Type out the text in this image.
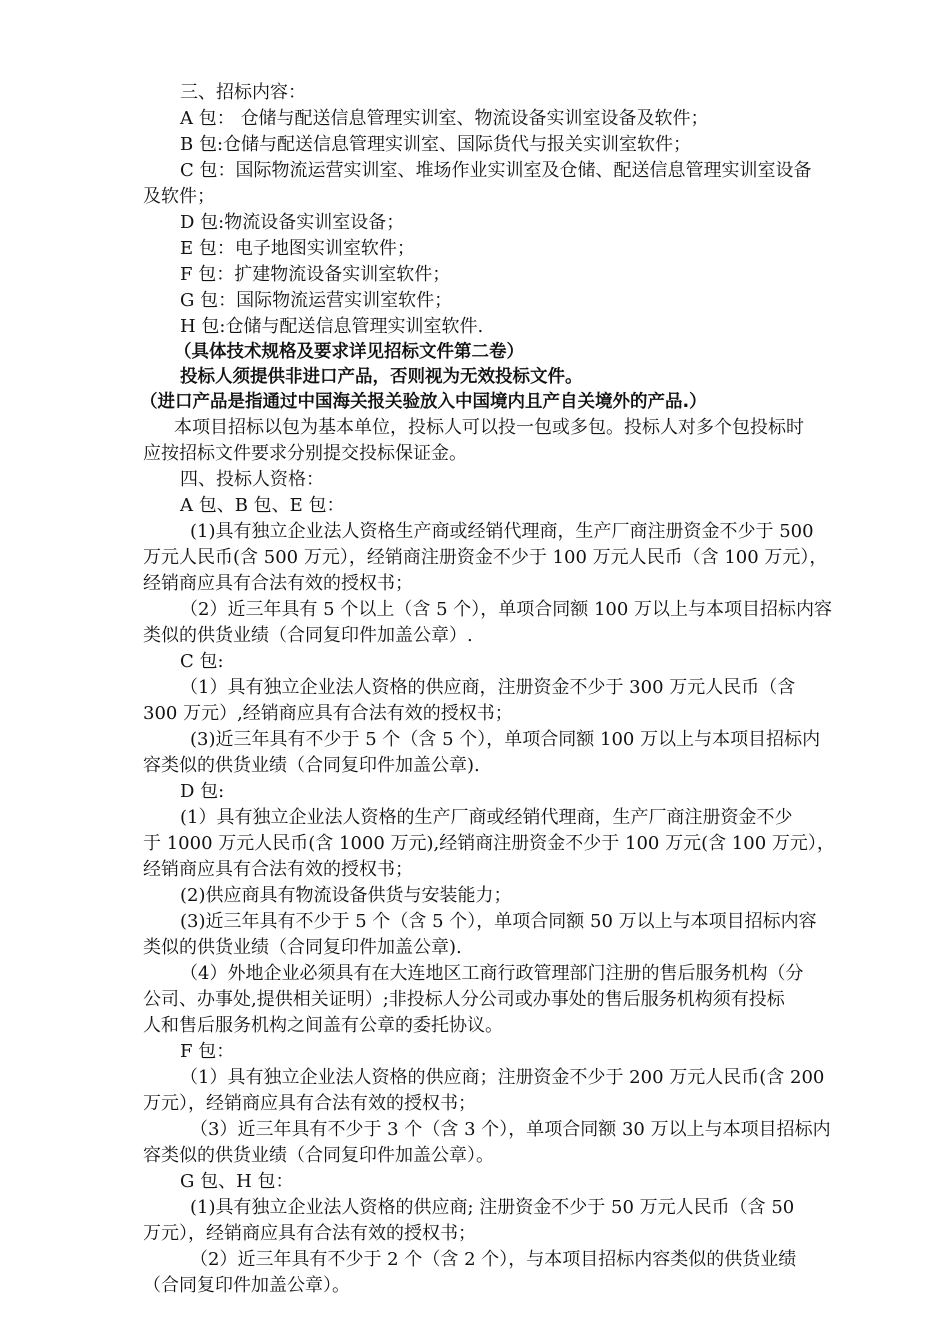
三、招标内容：

A 包： 仓储与配送信息管理实训室、物流设备实训室设备及软件；

B 包:仓储与配送信息管理实训室、国际货代与报关实训室软件；

C 包：国际物流运营实训室、堆场作业实训室及仓储、配送信息管理实训室设备

及软件；

D 包:物流设备实训室设备；

E 包：电子地图实训室软件；

F 包：扩建物流设备实训室软件；

G 包：国际物流运营实训室软件；

H 包:仓储与配送信息管理实训室软件.

（具体技术规格及要求详见招标文件第二卷）

投标人须提供非进口产品，否则视为无效投标文件。

（进口产品是指通过中国海关报关验放入中国境内且产自关境外的产品.）

本项目招标以包为基本单位，投标人可以投一包或多包。投标人对多个包投标时

应按招标文件要求分别提交投标保证金。

四、投标人资格：

A 包、B 包、E 包：

(1)具有独立企业法人资格生产商或经销代理商，生产厂商注册资金不少于 500

万元人民币(含 500 万元），经销商注册资金不少于 100 万元人民币（含 100 万元），

经销商应具有合法有效的授权书；

（2）近三年具有 5 个以上（含 5 个），单项合同额 100 万以上与本项目招标内容

类似的供货业绩（合同复印件加盖公章）.

C 包:

（1）具有独立企业法人资格的供应商，注册资金不少于 300 万元人民币（含

300 万元）,经销商应具有合法有效的授权书；

(3)近三年具有不少于 5 个（含 5 个），单项合同额 100 万以上与本项目招标内

容类似的供货业绩（合同复印件加盖公章).

D 包:

(1）具有独立企业法人资格的生产厂商或经销代理商，生产厂商注册资金不少

于 1000 万元人民币(含 1000 万元),经销商注册资金不少于 100 万元(含 100 万元），

经销商应具有合法有效的授权书；

(2)供应商具有物流设备供货与安装能力；

(3)近三年具有不少于 5 个（含 5 个），单项合同额 50 万以上与本项目招标内容

类似的供货业绩（合同复印件加盖公章).

（4）外地企业必须具有在大连地区工商行政管理部门注册的售后服务机构（分

公司、办事处,提供相关证明）;非投标人分公司或办事处的售后服务机构须有投标

人和售后服务机构之间盖有公章的委托协议。

F 包：

（1）具有独立企业法人资格的供应商；注册资金不少于 200 万元人民币(含 200

万元），经销商应具有合法有效的授权书；

（3）近三年具有不少于 3 个（含 3 个），单项合同额 30 万以上与本项目招标内

容类似的供货业绩（合同复印件加盖公章）。

G 包、H 包：

(1)具有独立企业法人资格的供应商; 注册资金不少于 50 万元人民币（含 50

万元），经销商应具有合法有效的授权书；

（2）近三年具有不少于 2 个（含 2 个），与本项目招标内容类似的供货业绩

（合同复印件加盖公章）。
